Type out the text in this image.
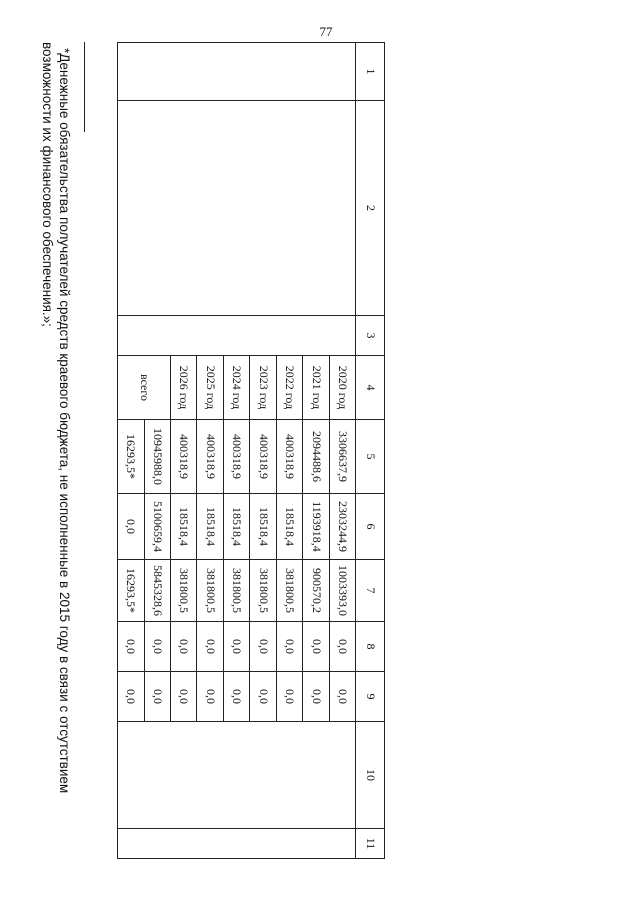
77
1	2	3	4	5	6	7	8	9	10	11
			2020 год	3306637,9	2303244,9	1003393,0	0,0	0,0		
			2021 год	2094488,6	1193918,4	900570,2	0,0	0,0		
			2022 год	400318,9	18518,4	381800,5	0,0	0,0		
			2023 год	400318,9	18518,4	381800,5	0,0	0,0		
			2024 год	400318,9	18518,4	381800,5	0,0	0,0		
			2025 год	400318,9	18518,4	381800,5	0,0	0,0		
			2026 год	400318,9	18518,4	381800,5	0,0	0,0		
			всего	10945988,0	5100659,4	5845328,6	0,0	0,0		
				16293,5*	0,0	16293,5*	0,0	0,0		
*Денежные обязательства получателей средств краевого бюджета, не исполненные в 2015 году в связи с отсутствием
возможности их финансового обеспечения.»;
